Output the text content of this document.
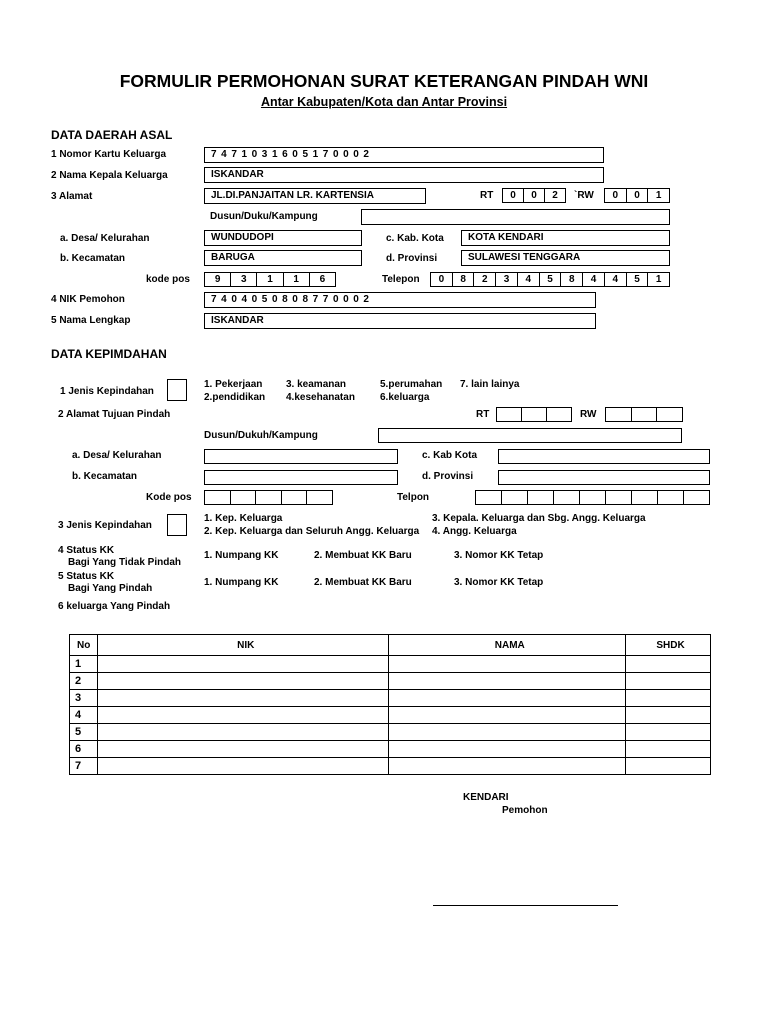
FORMULIR PERMOHONAN SURAT KETERANGAN PINDAH WNI
Antar Kabupaten/Kota dan Antar Provinsi
DATA DAERAH ASAL
1 Nomor Kartu Keluarga	7471031605170002
2 Nama Kepala Keluarga	ISKANDAR
3 Alamat	JL.DI.PANJAITAN LR. KARTENSIA	RT	0	0	2	`RW	0	0	1
Dusun/Duku/Kampung
a. Desa/ Kelurahan	WUNDUDOPI	c. Kab. Kota	KOTA KENDARI
b. Kecamatan	BARUGA	d. Provinsi	SULAWESI TENGGARA
kode pos	9	3	1	1	6	Telepon	0	8	2	3	4	5	8	4	4	5	1
4 NIK Pemohon	7404050808770002
5 Nama Lengkap	ISKANDAR
DATA KEPIMDAHAN
1 Jenis Kepindahan
1. Pekerjaan
2.pendidikan
3. keamanan
4.kesehanatan
5.perumahan
6.keluarga
7. lain lainya
2 Alamat Tujuan Pindah	RT	RW
Dusun/Dukuh/Kampung
a. Desa/ Kelurahan	c. Kab Kota
b. Kecamatan	d. Provinsi
Kode pos	Telpon
3 Jenis Kepindahan
1. Kep. Keluarga
2. Kep. Keluarga dan Seluruh Angg. Keluarga
3. Kepala. Keluarga dan Sbg. Angg. Keluarga
4. Angg. Keluarga
4 Status KK
Bagi Yang Tidak Pindah
1. Numpang KK	2. Membuat KK Baru	3. Nomor KK Tetap
5 Status KK
Bagi Yang Pindah
1. Numpang KK	2. Membuat KK Baru	3. Nomor KK Tetap
6 keluarga Yang Pindah
No	NIK	NAMA	SHDK
1			
2			
3			
4			
5			
6			
7			
KENDARI
Pemohon
